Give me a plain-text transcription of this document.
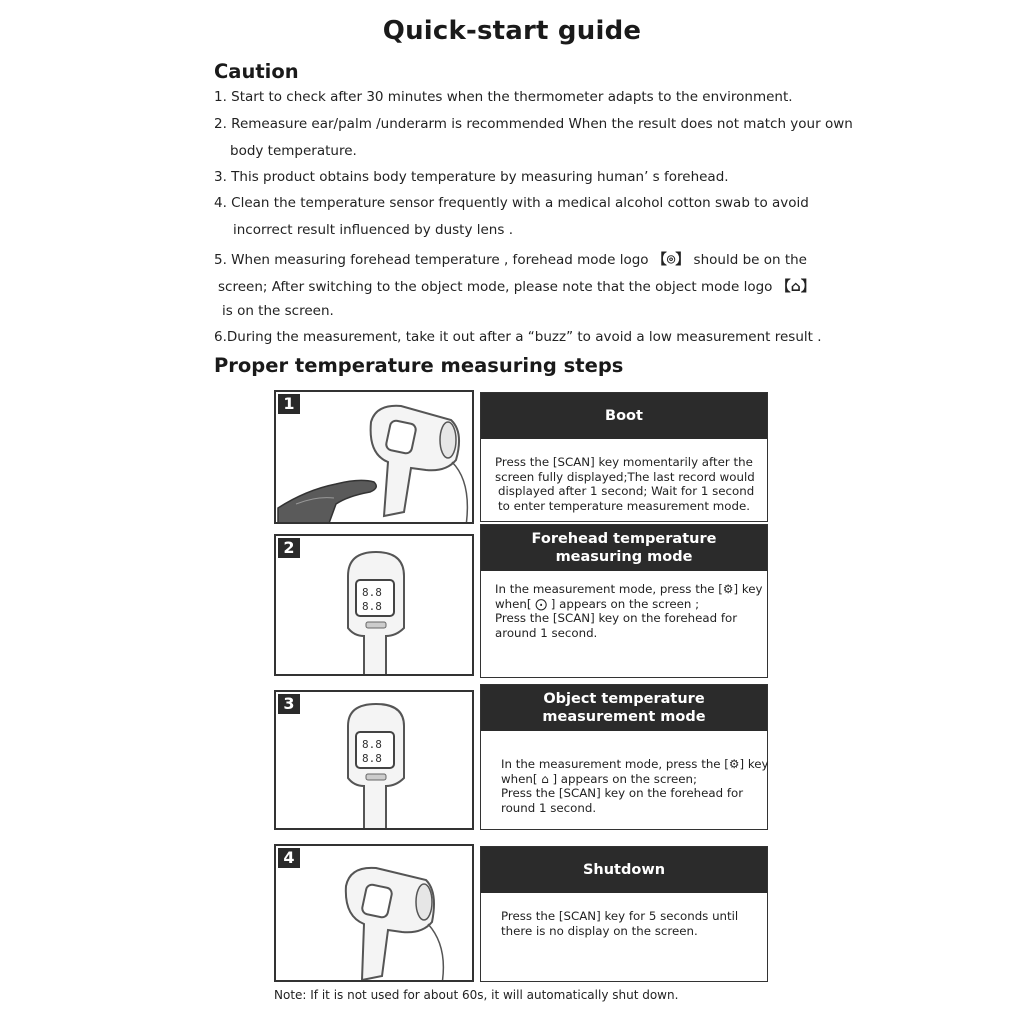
Quick-start guide
Caution
1. Start to check after 30 minutes when the thermometer adapts to the environment.
2. Remeasure ear/palm /underarm is recommended When the result does not match your own
body temperature.
3. This product obtains body temperature by measuring human’ s forehead.
4. Clean the temperature sensor frequently with a medical alcohol cotton swab to avoid
incorrect result influenced by dusty lens .
5. When measuring forehead temperature , forehead mode logo 【⌾】 should be on the
screen; After switching to the object mode, please note that the object mode logo 【⌂】
is on the screen.
6.During the measurement, take it out after a “buzz” to avoid a low measurement result .
Proper temperature measuring steps
1
Boot
Press the [SCAN] key momentarily after the
screen fully displayed;The last record would
displayed after 1 second; Wait for 1 second
to enter temperature measurement mode.
2
8.8
8.8
Forehead temperature
measuring mode
In the measurement mode, press the [⚙] key
when[ ⨀ ] appears on the screen ;
Press the [SCAN] key on the forehead for
around 1 second.
3
8.8
8.8
Object temperature
measurement mode
In the measurement mode, press the [⚙] key
when[ ⌂ ] appears on the screen;
Press the [SCAN] key on the forehead for
round 1 second.
4
Shutdown
Press the [SCAN] key for 5 seconds until
there is no display on the screen.
Note: If it is not used for about 60s, it will automatically shut down.
